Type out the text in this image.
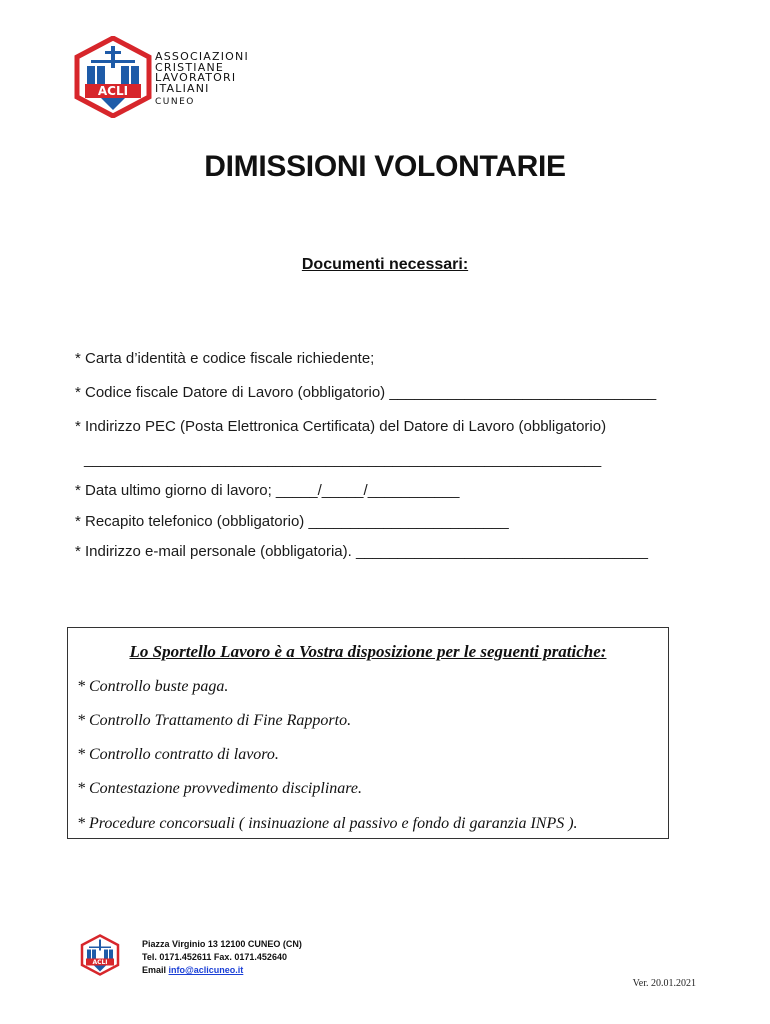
ACLI
ASSOCIAZIONI
CRISTIANE
LAVORATORI
ITALIANI
CUNEO
DIMISSIONI VOLONTARIE
Documenti necessari:
* Carta d’identità e codice fiscale richiedente;
* Codice fiscale Datore di Lavoro (obbligatorio) ________________________________
* Indirizzo PEC (Posta Elettronica Certificata) del Datore di Lavoro (obbligatorio)
______________________________________________________________
* Data ultimo giorno di lavoro; _____/_____/___________
* Recapito telefonico (obbligatorio) ________________________
* Indirizzo e-mail personale (obbligatoria). ___________________________________
Lo Sportello Lavoro è a Vostra disposizione per le seguenti pratiche:
* Controllo buste paga.
* Controllo Trattamento di Fine Rapporto.
* Controllo contratto di lavoro.
* Contestazione provvedimento disciplinare.
* Procedure concorsuali ( insinuazione al passivo e fondo di garanzia INPS ).
ACLI
Piazza Virginio 13 12100 CUNEO (CN)
Tel. 0171.452611 Fax. 0171.452640
Email info@aclicuneo.it
Ver. 20.01.2021
